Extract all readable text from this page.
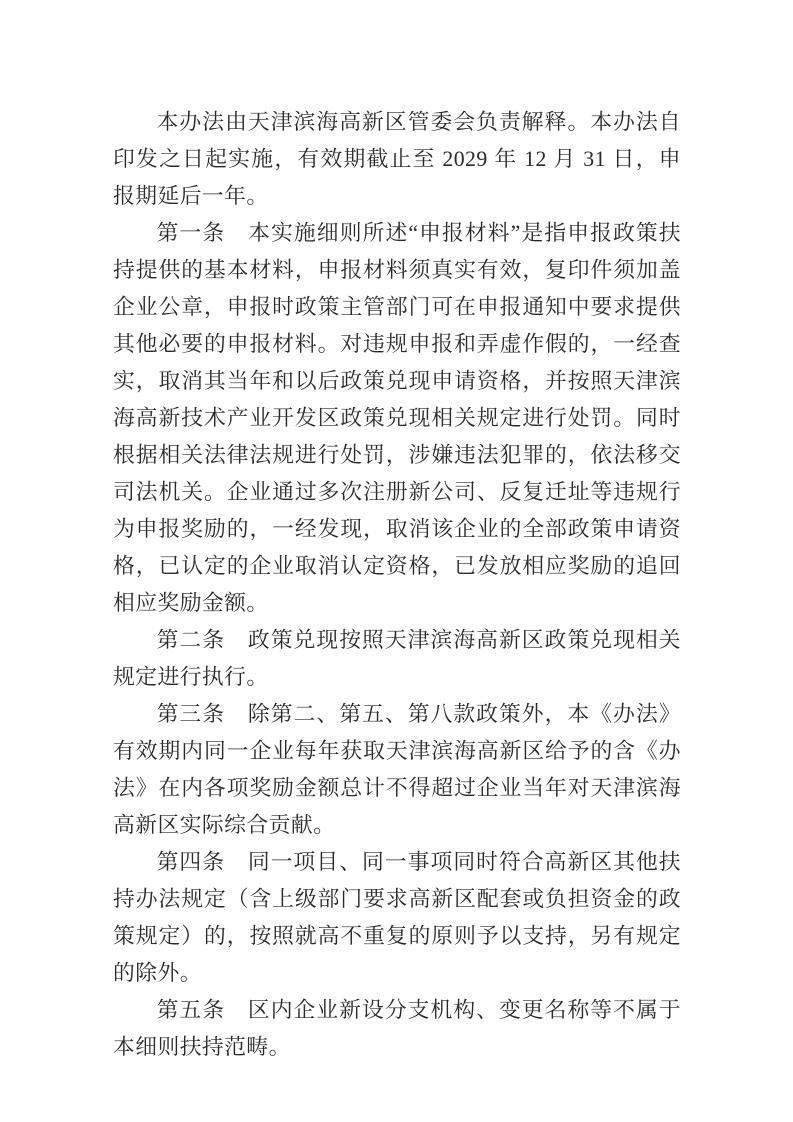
本办法由天津滨海高新区管委会负责解释。本办法自印发之日起实施，有效期截止至 2029 年 12 月 31 日，申报期延后一年。

第一条　本实施细则所述“申报材料”是指申报政策扶持提供的基本材料，申报材料须真实有效，复印件须加盖企业公章，申报时政策主管部门可在申报通知中要求提供其他必要的申报材料。对违规申报和弄虚作假的，一经查实，取消其当年和以后政策兑现申请资格，并按照天津滨海高新技术产业开发区政策兑现相关规定进行处罚。同时根据相关法律法规进行处罚，涉嫌违法犯罪的，依法移交司法机关。企业通过多次注册新公司、反复迁址等违规行为申报奖励的，一经发现，取消该企业的全部政策申请资格，已认定的企业取消认定资格，已发放相应奖励的追回相应奖励金额。

第二条　政策兑现按照天津滨海高新区政策兑现相关规定进行执行。

第三条　除第二、第五、第八款政策外，本《办法》有效期内同一企业每年获取天津滨海高新区给予的含《办法》在内各项奖励金额总计不得超过企业当年对天津滨海高新区实际综合贡献。

第四条　同一项目、同一事项同时符合高新区其他扶持办法规定（含上级部门要求高新区配套或负担资金的政策规定）的，按照就高不重复的原则予以支持，另有规定的除外。

第五条　区内企业新设分支机构、变更名称等不属于本细则扶持范畴。
